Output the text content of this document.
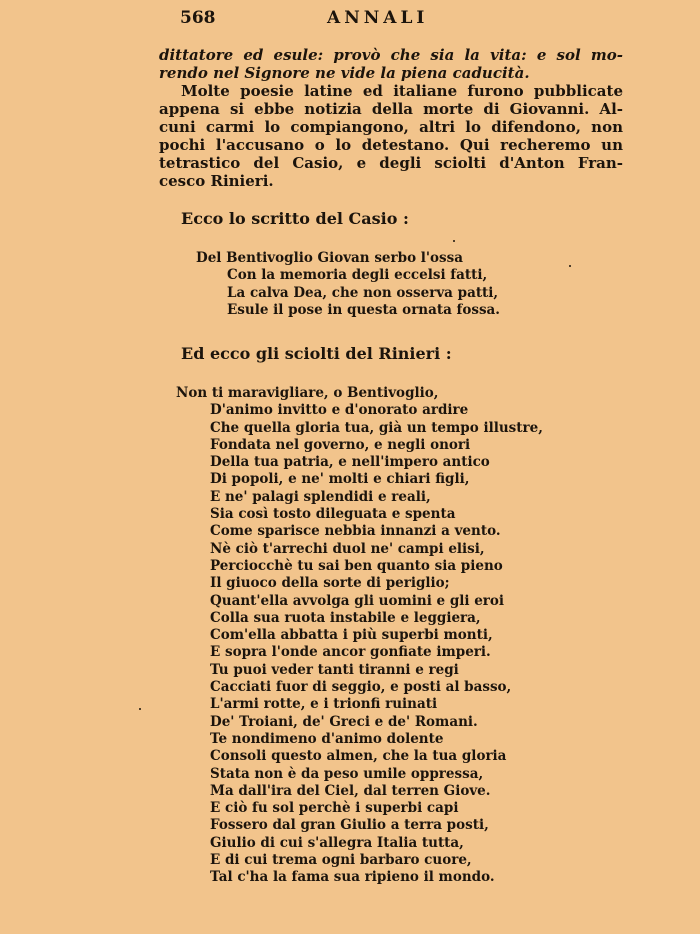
568	ANNALI
dittatore ed esule: provò che sia la vita: e sol mo-
rendo nel Signore ne vide la piena caducità.
Molte poesie latine ed italiane furono pubblicate
appena si ebbe notizia della morte di Giovanni. Al-
cuni carmi lo compiangono, altri lo difendono, non
pochi l'accusano o lo detestano. Qui recheremo un
tetrastico del Casio, e degli sciolti d'Anton Fran-
cesco Rinieri.
Ecco lo scritto del Casio :
Del Bentivoglio Giovan serbo l'ossa
Con la memoria degli eccelsi fatti,
La calva Dea, che non osserva patti,
Esule il pose in questa ornata fossa.
Ed ecco gli sciolti del Rinieri :
Non ti maravigliare, o Bentivoglio,
D'animo invitto e d'onorato ardire
Che quella gloria tua, già un tempo illustre,
Fondata nel governo, e negli onori
Della tua patria, e nell'impero antico
Di popoli, e ne' molti e chiari figli,
E ne' palagi splendidi e reali,
Sia così tosto dileguata e spenta
Come sparisce nebbia innanzi a vento.
Nè ciò t'arrechi duol ne' campi elisi,
Perciocchè tu sai ben quanto sia pieno
Il giuoco della sorte di periglio;
Quant'ella avvolga gli uomini e gli eroi
Colla sua ruota instabile e leggiera,
Com'ella abbatta i più superbi monti,
E sopra l'onde ancor gonfiate imperi.
Tu puoi veder tanti tiranni e regi
Cacciati fuor di seggio, e posti al basso,
L'armi rotte, e i trionfi ruinati
De' Troiani, de' Greci e de' Romani.
Te nondimeno d'animo dolente
Consoli questo almen, che la tua gloria
Stata non è da peso umile oppressa,
Ma dall'ira del Ciel, dal terren Giove.
E ciò fu sol perchè i superbi capi
Fossero dal gran Giulio a terra posti,
Giulio di cui s'allegra Italia tutta,
E di cui trema ogni barbaro cuore,
Tal c'ha la fama sua ripieno il mondo.
